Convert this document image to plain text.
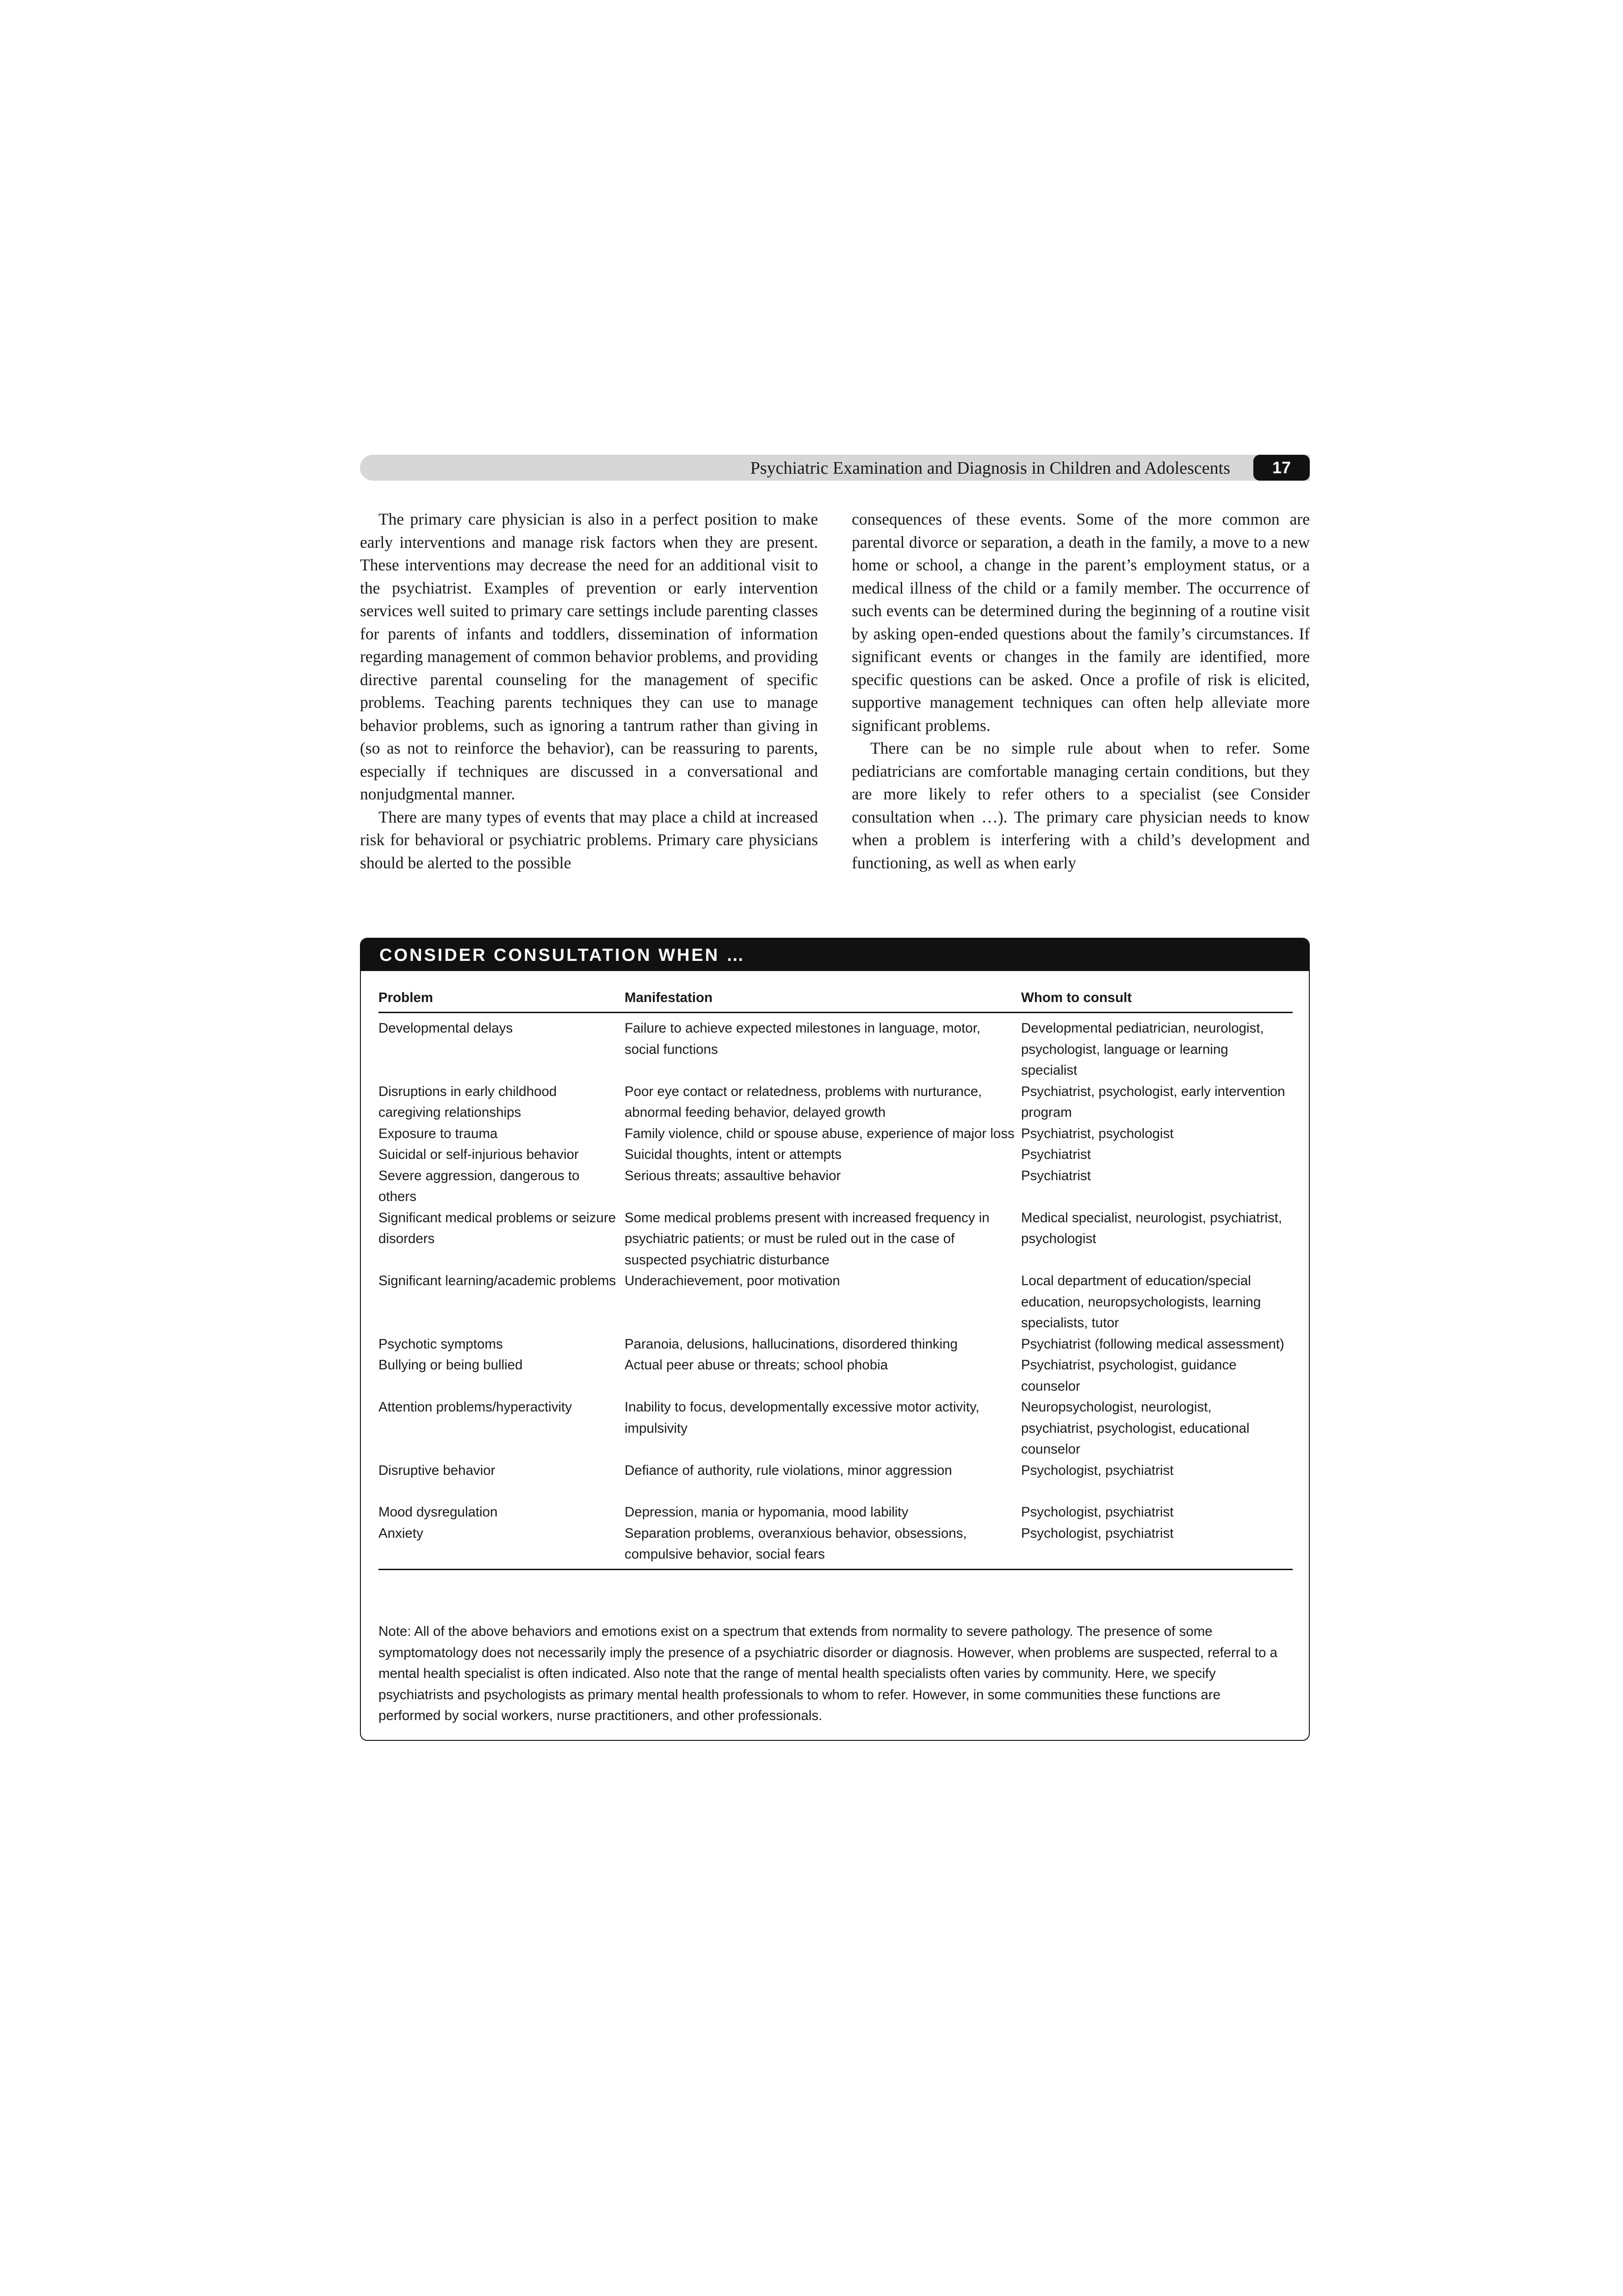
Psychiatric Examination and Diagnosis in Children and Adolescents	17

The primary care physician is also in a perfect position to make early interventions and manage risk factors when they are present. These interventions may decrease the need for an additional visit to the psychiatrist. Examples of prevention or early intervention services well suited to primary care settings include parenting classes for parents of infants and toddlers, dissemination of information regarding management of common behavior problems, and providing directive parental counseling for the management of specific problems. Teaching parents techniques they can use to manage behavior problems, such as ignoring a tantrum rather than giving in (so as not to reinforce the behavior), can be reassuring to parents, especially if techniques are discussed in a conversational and nonjudgmental manner.

There are many types of events that may place a child at increased risk for behavioral or psychiatric problems. Primary care physicians should be alerted to the possible

consequences of these events. Some of the more common are parental divorce or separation, a death in the family, a move to a new home or school, a change in the parent’s employment status, or a medical illness of the child or a family member. The occurrence of such events can be determined during the beginning of a routine visit by asking open-ended questions about the family’s circumstances. If significant events or changes in the family are identified, more specific questions can be asked. Once a profile of risk is elicited, supportive management techniques can often help alleviate more significant problems.

There can be no simple rule about when to refer. Some pediatricians are comfortable managing certain conditions, but they are more likely to refer others to a specialist (see Consider consultation when …). The primary care physician needs to know when a problem is interfering with a child’s development and functioning, as well as when early

CONSIDER CONSULTATION WHEN …
Problem	Manifestation	Whom to consult
Developmental delays	Failure to achieve expected milestones in language, motor, social functions	Developmental pediatrician, neurologist, psychologist, language or learning specialist
Disruptions in early childhood caregiving relationships	Poor eye contact or relatedness, problems with nurturance, abnormal feeding behavior, delayed growth	Psychiatrist, psychologist, early intervention program
Exposure to trauma	Family violence, child or spouse abuse, experience of major loss	Psychiatrist, psychologist
Suicidal or self-injurious behavior	Suicidal thoughts, intent or attempts	Psychiatrist
Severe aggression, dangerous to others	Serious threats; assaultive behavior	Psychiatrist
Significant medical problems or seizure disorders	Some medical problems present with increased frequency in psychiatric patients; or must be ruled out in the case of suspected psychiatric disturbance	Medical specialist, neurologist, psychiatrist, psychologist
Significant learning/academic problems	Underachievement, poor motivation	Local department of education/special education, neuropsychologists, learning specialists, tutor
Psychotic symptoms	Paranoia, delusions, hallucinations, disordered thinking	Psychiatrist (following medical assessment)
Bullying or being bullied	Actual peer abuse or threats; school phobia	Psychiatrist, psychologist, guidance counselor
Attention problems/hyperactivity	Inability to focus, developmentally excessive motor activity, impulsivity	Neuropsychologist, neurologist, psychiatrist, psychologist, educational counselor
Disruptive behavior	Defiance of authority, rule violations, minor aggression	Psychologist, psychiatrist
Mood dysregulation	Depression, mania or hypomania, mood lability	Psychologist, psychiatrist
Anxiety	Separation problems, overanxious behavior, obsessions, compulsive behavior, social fears	Psychologist, psychiatrist
Note: All of the above behaviors and emotions exist on a spectrum that extends from normality to severe pathology. The presence of some symptomatology does not necessarily imply the presence of a psychiatric disorder or diagnosis. However, when problems are suspected, referral to a mental health specialist is often indicated. Also note that the range of mental health specialists often varies by community. Here, we specify psychiatrists and psychologists as primary mental health professionals to whom to refer. However, in some communities these functions are performed by social workers, nurse practitioners, and other professionals.
